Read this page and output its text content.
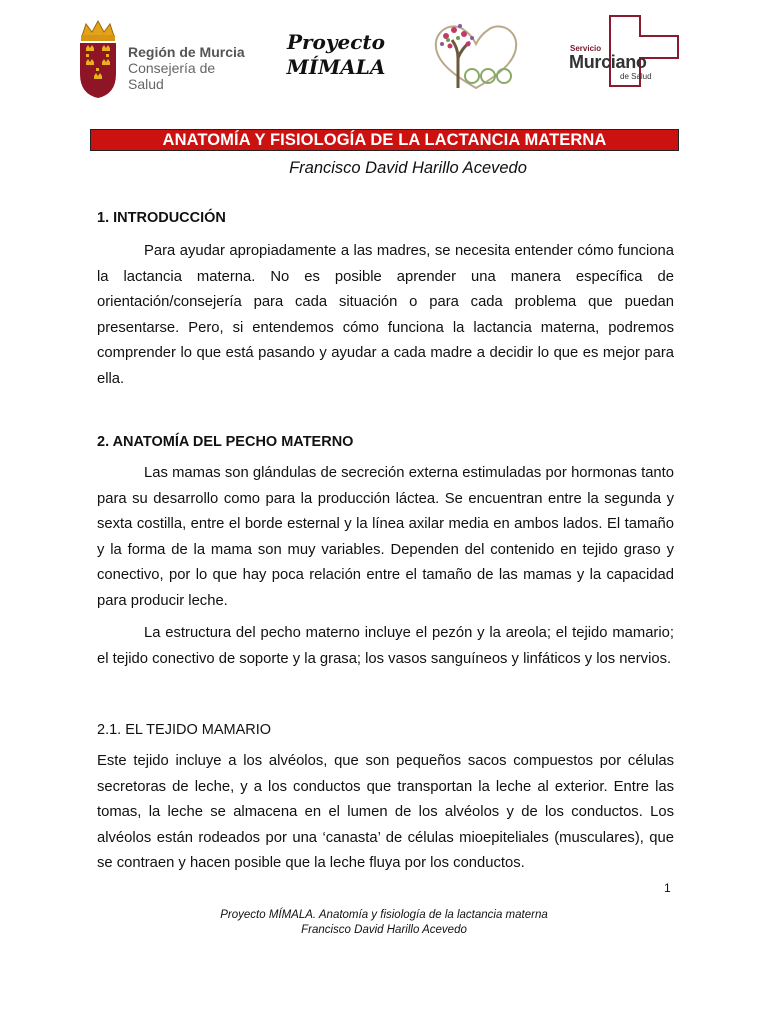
Región de Murcia
Consejería de Salud
Proyecto
MÍMALA
Servicio
Murciano
de Salud
ANATOMÍA Y FISIOLOGÍA DE LA LACTANCIA MATERNA
Francisco David Harillo Acevedo
1. INTRODUCCIÓN

Para ayudar apropiadamente a las madres, se necesita entender cómo funciona la lactancia materna. No es posible aprender una manera específica de orientación/consejería para cada situación o para cada problema que puedan presentarse. Pero, si entendemos cómo funciona la lactancia materna, podremos comprender lo que está pasando y ayudar a cada madre a decidir lo que es mejor para ella.

2. ANATOMÍA DEL PECHO MATERNO

Las mamas son glándulas de secreción externa estimuladas por hormonas tanto para su desarrollo como para la producción láctea. Se encuentran entre la segunda y sexta costilla, entre el borde esternal y la línea axilar media en ambos lados. El tamaño y la forma de la mama son muy variables. Dependen del contenido en tejido graso y conectivo, por lo que hay poca relación entre el tamaño de las mamas y la capacidad para producir leche.

La estructura del pecho materno incluye el pezón y la areola; el tejido mamario; el tejido conectivo de soporte y la grasa; los vasos sanguíneos y linfáticos y los nervios.

2.1. EL TEJIDO MAMARIO

Este tejido incluye a los alvéolos, que son pequeños sacos compuestos por células secretoras de leche, y a los conductos que transportan la leche al exterior. Entre las tomas, la leche se almacena en el lumen de los alvéolos y de los conductos. Los alvéolos están rodeados por una ‘canasta’ de células mioepiteliales (musculares), que se contraen y hacen posible que la leche fluya por los conductos.

1
Proyecto MÍMALA. Anatomía y fisiología de la lactancia materna
Francisco David Harillo Acevedo
